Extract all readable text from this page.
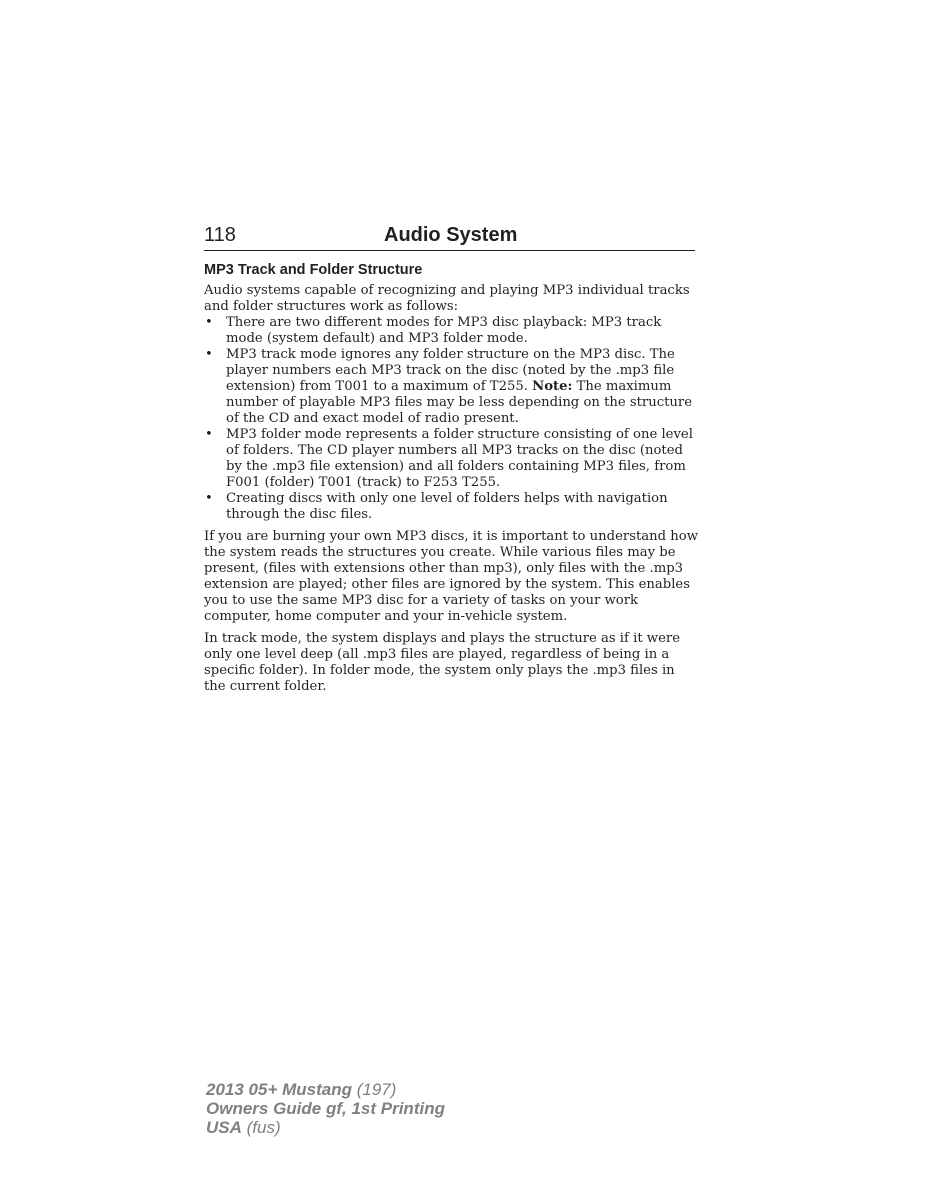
118	Audio System
MP3 Track and Folder Structure

Audio systems capable of recognizing and playing MP3 individual tracks and folder structures work as follows:

• There are two different modes for MP3 disc playback: MP3 track mode (system default) and MP3 folder mode.
• MP3 track mode ignores any folder structure on the MP3 disc. The player numbers each MP3 track on the disc (noted by the .mp3 file extension) from T001 to a maximum of T255. Note: The maximum number of playable MP3 files may be less depending on the structure of the CD and exact model of radio present.
• MP3 folder mode represents a folder structure consisting of one level of folders. The CD player numbers all MP3 tracks on the disc (noted by the .mp3 file extension) and all folders containing MP3 files, from F001 (folder) T001 (track) to F253 T255.
• Creating discs with only one level of folders helps with navigation through the disc files.

If you are burning your own MP3 discs, it is important to understand how the system reads the structures you create. While various files may be present, (files with extensions other than mp3), only files with the .mp3 extension are played; other files are ignored by the system. This enables you to use the same MP3 disc for a variety of tasks on your work computer, home computer and your in-vehicle system.

In track mode, the system displays and plays the structure as if it were only one level deep (all .mp3 files are played, regardless of being in a specific folder). In folder mode, the system only plays the .mp3 files in the current folder.

2013 05+ Mustang (197)
Owners Guide gf, 1st Printing
USA (fus)
